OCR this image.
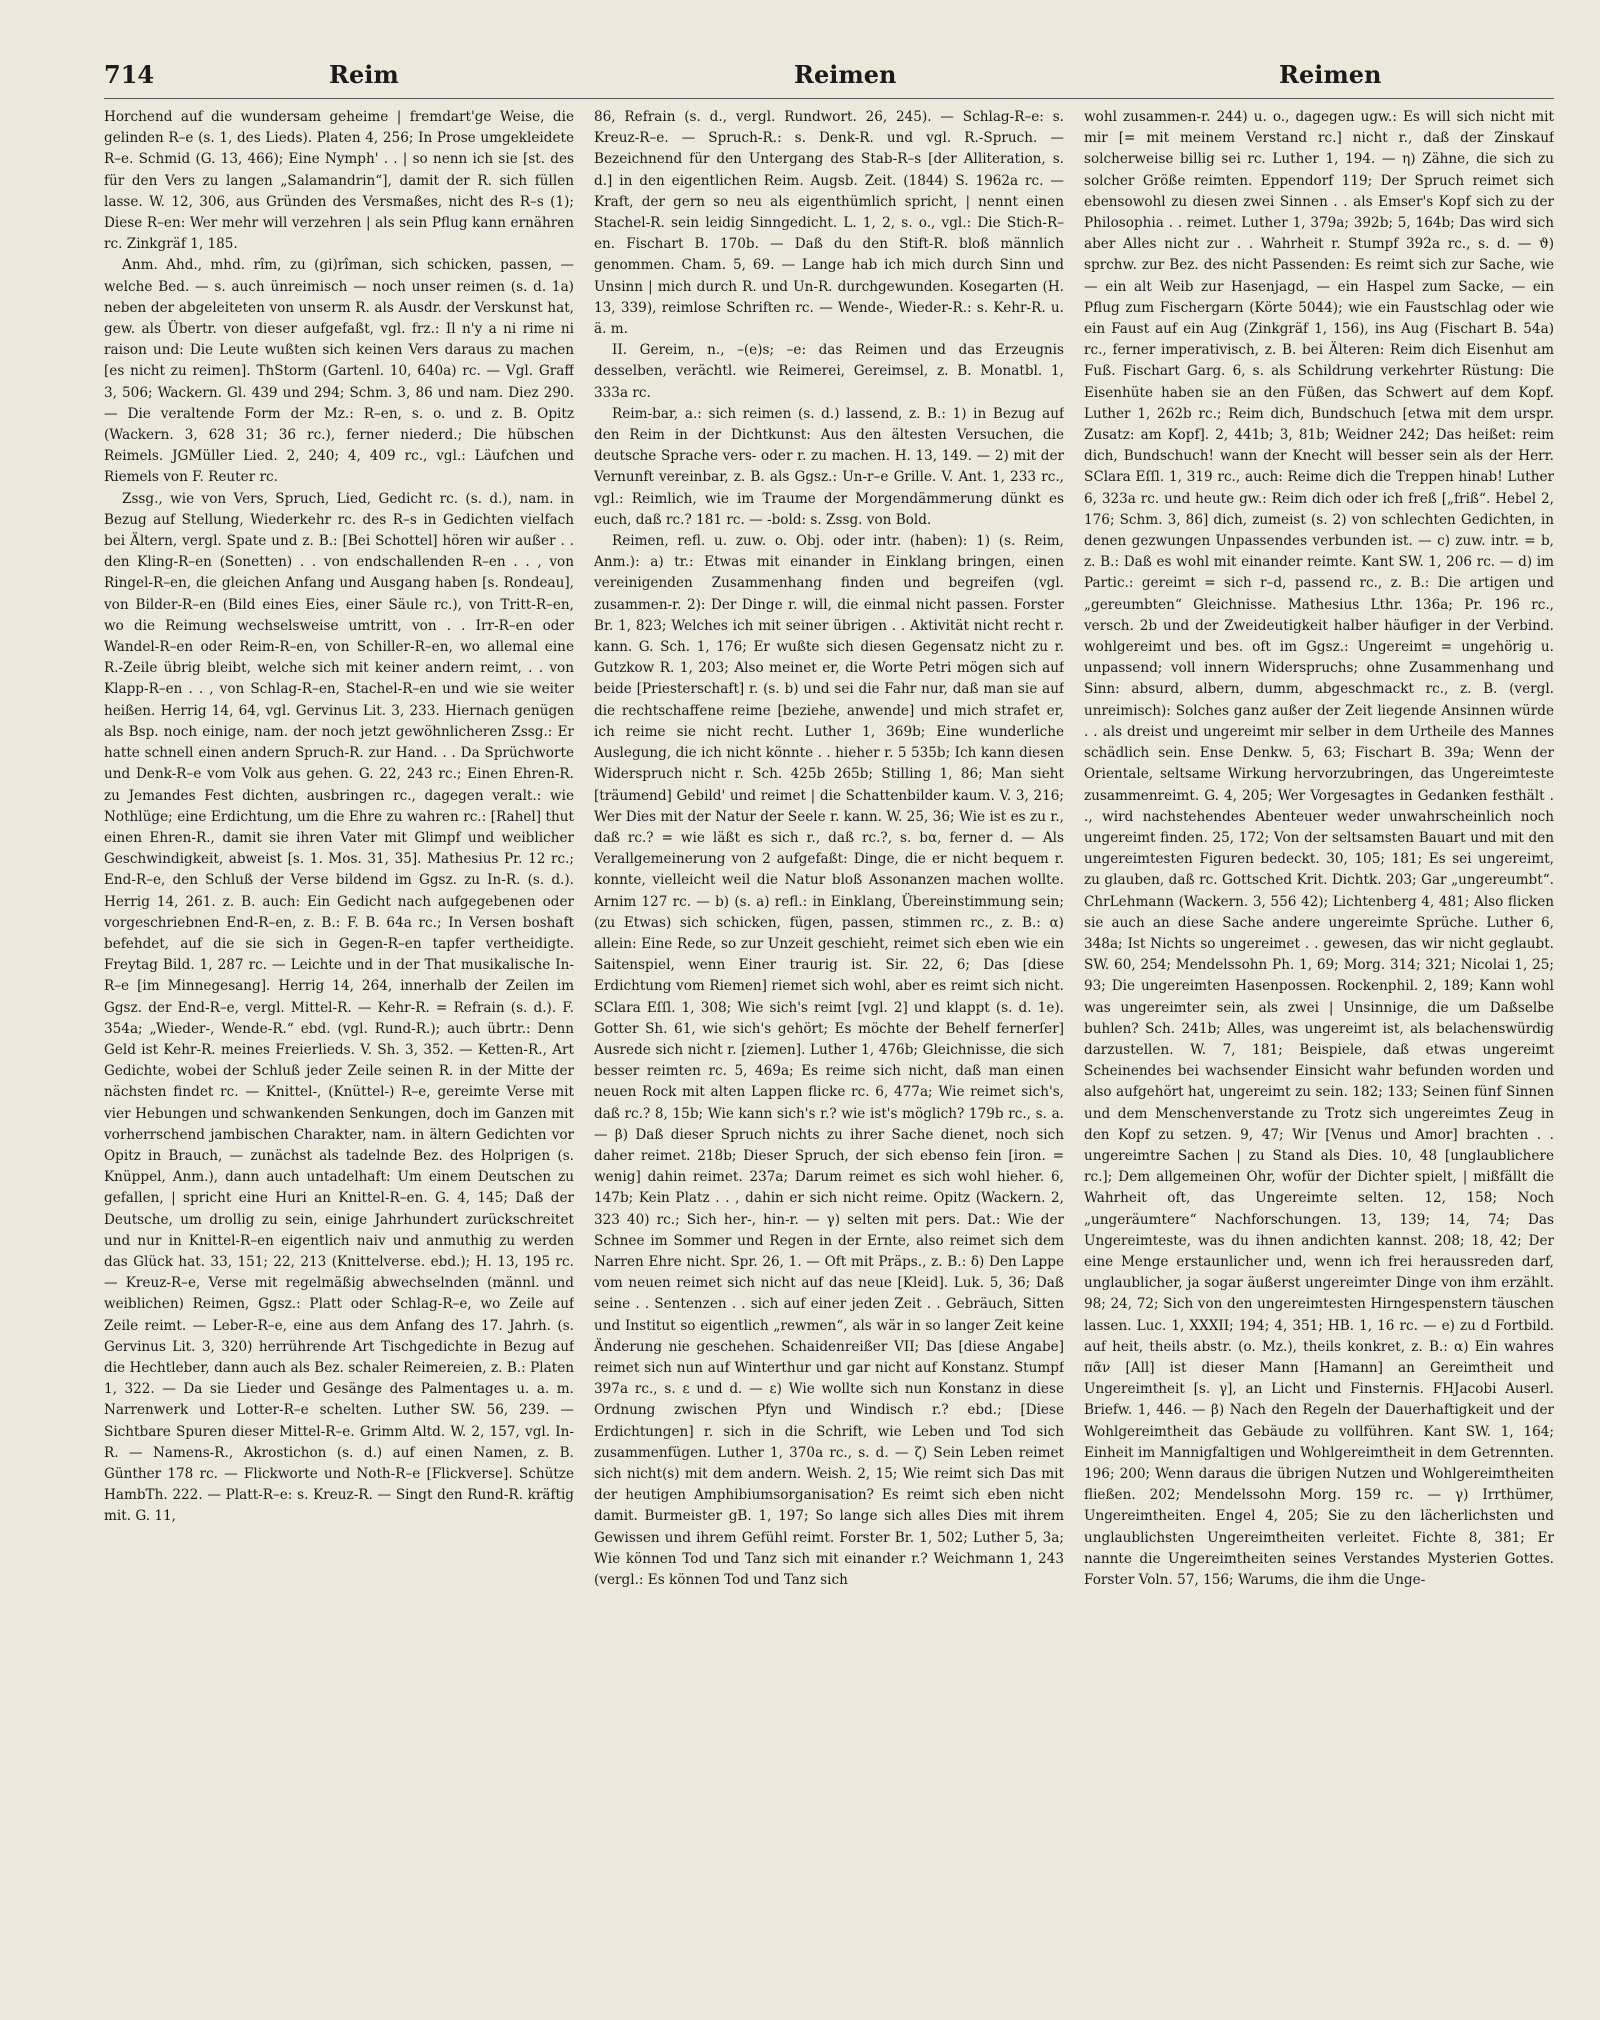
714	Reim	Reimen	Reimen

Horchend auf die wundersam geheime | fremdart'ge Weise, die gelinden R–e (s. 1, des Lieds). Platen 4, 256; In Prose umgekleidete R–e. Schmid (G. 13, 466); Eine Nymph' . . | so nenn ich sie [st. des für den Vers zu langen „Salamandrin“], damit der R. sich füllen lasse. W. 12, 306, aus Gründen des Versmaßes, nicht des R–s (1); Diese R–en: Wer mehr will verzehren | als sein Pflug kann ernähren rc. Zinkgräf 1, 185.

Anm. Ahd., mhd. rîm, zu (gi)rîman, sich schicken, passen, — welche Bed. — s. auch ünreimisch — noch unser reimen (s. d. 1a) neben der abgeleiteten von unserm R. als Ausdr. der Verskunst hat, gew. als Übertr. von dieser aufgefaßt, vgl. frz.: Il n'y a ni rime ni raison und: Die Leute wußten sich keinen Vers daraus zu machen [es nicht zu reimen]. ThStorm (Gartenl. 10, 640a) rc. — Vgl. Graff 3, 506; Wackern. Gl. 439 und 294; Schm. 3, 86 und nam. Diez 290. — Die veraltende Form der Mz.: R–en, s. o. und z. B. Opitz (Wackern. 3, 628 31; 36 rc.), ferner niederd.; Die hübschen Reimels. JGMüller Lied. 2, 240; 4, 409 rc., vgl.: Läufchen und Riemels von F. Reuter rc.

Zssg., wie von Vers, Spruch, Lied, Gedicht rc. (s. d.), nam. in Bezug auf Stellung, Wiederkehr rc. des R–s in Gedichten vielfach bei Ältern, vergl. Spate und z. B.: [Bei Schottel] hören wir außer . . den Kling-R–en (Sonetten) . . von endschallenden R–en . . , von Ringel-R–en, die gleichen Anfang und Ausgang haben [s. Rondeau], von Bilder-R–en (Bild eines Eies, einer Säule rc.), von Tritt-R–en, wo die Reimung wechselsweise umtritt, von . . Irr-R–en oder Wandel-R–en oder Reim-R–en, von Schiller-R–en, wo allemal eine R.-Zeile übrig bleibt, welche sich mit keiner andern reimt, . . von Klapp-R–en . . , von Schlag-R–en, Stachel-R–en und wie sie weiter heißen. Herrig 14, 64, vgl. Gervinus Lit. 3, 233. Hiernach genügen als Bsp. noch einige, nam. der noch jetzt gewöhnlicheren Zssg.: Er hatte schnell einen andern Spruch-R. zur Hand. . . Da Sprüchworte und Denk-R–e vom Volk aus gehen. G. 22, 243 rc.; Einen Ehren-R. zu Jemandes Fest dichten, ausbringen rc., dagegen veralt.: wie Nothlüge; eine Erdichtung, um die Ehre zu wahren rc.: [Rahel] thut einen Ehren-R., damit sie ihren Vater mit Glimpf und weiblicher Geschwindigkeit, abweist [s. 1. Mos. 31, 35]. Mathesius Pr. 12 rc.; End-R–e, den Schluß der Verse bildend im Ggsz. zu In-R. (s. d.). Herrig 14, 261. z. B. auch: Ein Gedicht nach aufgegebenen oder vorgeschriebnen End-R–en, z. B.: F. B. 64a rc.; In Versen boshaft befehdet, auf die sie sich in Gegen-R–en tapfer vertheidigte. Freytag Bild. 1, 287 rc. — Leichte und in der That musikalische In-R–e [im Minnegesang]. Herrig 14, 264, innerhalb der Zeilen im Ggsz. der End-R–e, vergl. Mittel-R. — Kehr-R. = Refrain (s. d.). F. 354a; „Wieder-, Wende-R.“ ebd. (vgl. Rund-R.); auch übrtr.: Denn Geld ist Kehr-R. meines Freierlieds. V. Sh. 3, 352. — Ketten-R., Art Gedichte, wobei der Schluß jeder Zeile seinen R. in der Mitte der nächsten findet rc. — Knittel-, (Knüttel-) R–e, gereimte Verse mit vier Hebungen und schwankenden Senkungen, doch im Ganzen mit vorherrschend jambischen Charakter, nam. in ältern Gedichten vor Opitz in Brauch, — zunächst als tadelnde Bez. des Holprigen (s. Knüppel, Anm.), dann auch untadelhaft: Um einem Deutschen zu gefallen, | spricht eine Huri an Knittel-R–en. G. 4, 145; Daß der Deutsche, um drollig zu sein, einige Jahrhundert zurückschreitet und nur in Knittel-R–en eigentlich naiv und anmuthig zu werden das Glück hat. 33, 151; 22, 213 (Knittelverse. ebd.); H. 13, 195 rc. — Kreuz-R–e, Verse mit regelmäßig abwechselnden (männl. und weiblichen) Reimen, Ggsz.: Platt oder Schlag-R–e, wo Zeile auf Zeile reimt. — Leber-R–e, eine aus dem Anfang des 17. Jahrh. (s. Gervinus Lit. 3, 320) herrührende Art Tischgedichte in Bezug auf die Hechtleber, dann auch als Bez. schaler Reimereien, z. B.: Platen 1, 322. — Da sie Lieder und Gesänge des Palmentages u. a. m. Narrenwerk und Lotter-R–e schelten. Luther SW. 56, 239. — Sichtbare Spuren dieser Mittel-R–e. Grimm Altd. W. 2, 157, vgl. In-R. — Namens-R., Akrostichon (s. d.) auf einen Namen, z. B. Günther 178 rc. — Flickworte und Noth-R–e [Flickverse]. Schütze HambTh. 222. — Platt-R–e: s. Kreuz-R. — Singt den Rund-R. kräftig mit. G. 11,

86, Refrain (s. d., vergl. Rundwort. 26, 245). — Schlag-R–e: s. Kreuz-R–e. — Spruch-R.: s. Denk-R. und vgl. R.-Spruch. — Bezeichnend für den Untergang des Stab-R–s [der Alliteration, s. d.] in den eigentlichen Reim. Augsb. Zeit. (1844) S. 1962a rc. — Kraft, der gern so neu als eigenthümlich spricht, | nennt einen Stachel-R. sein leidig Sinngedicht. L. 1, 2, s. o., vgl.: Die Stich-R–en. Fischart B. 170b. — Daß du den Stift-R. bloß männlich genommen. Cham. 5, 69. — Lange hab ich mich durch Sinn und Unsinn | mich durch R. und Un-R. durchgewunden. Kosegarten (H. 13, 339), reimlose Schriften rc. — Wende-, Wieder-R.: s. Kehr-R. u. ä. m.

II. Gereim, n., –(e)s; –e: das Reimen und das Erzeugnis desselben, verächtl. wie Reimerei, Gereimsel, z. B. Monatbl. 1, 333a rc.

Reim-bar, a.: sich reimen (s. d.) lassend, z. B.: 1) in Bezug auf den Reim in der Dichtkunst: Aus den ältesten Versuchen, die deutsche Sprache vers- oder r. zu machen. H. 13, 149. — 2) mit der Vernunft vereinbar, z. B. als Ggsz.: Un-r–e Grille. V. Ant. 1, 233 rc., vgl.: Reimlich, wie im Traume der Morgendämmerung dünkt es euch, daß rc.? 181 rc. — -bold: s. Zssg. von Bold.

Reimen, refl. u. zuw. o. Obj. oder intr. (haben): 1) (s. Reim, Anm.): a) tr.: Etwas mit einander in Einklang bringen, einen vereinigenden Zusammenhang finden und begreifen (vgl. zusammen-r. 2): Der Dinge r. will, die einmal nicht passen. Forster Br. 1, 823; Welches ich mit seiner übrigen . . Aktivität nicht recht r. kann. G. Sch. 1, 176; Er wußte sich diesen Gegensatz nicht zu r. Gutzkow R. 1, 203; Also meinet er, die Worte Petri mögen sich auf beide [Priesterschaft] r. (s. b) und sei die Fahr nur, daß man sie auf die rechtschaffene reime [beziehe, anwende] und mich strafet er, ich reime sie nicht recht. Luther 1, 369b; Eine wunderliche Auslegung, die ich nicht könnte . . hieher r. 5 535b; Ich kann diesen Widerspruch nicht r. Sch. 425b 265b; Stilling 1, 86; Man sieht [träumend] Gebild' und reimet | die Schattenbilder kaum. V. 3, 216; Wer Dies mit der Natur der Seele r. kann. W. 25, 36; Wie ist es zu r., daß rc.? = wie läßt es sich r., daß rc.?, s. bα, ferner d. — Als Verallgemeinerung von 2 aufgefaßt: Dinge, die er nicht bequem r. konnte, vielleicht weil die Natur bloß Assonanzen machen wollte. Arnim 127 rc. — b) (s. a) refl.: in Einklang, Übereinstimmung sein; (zu Etwas) sich schicken, fügen, passen, stimmen rc., z. B.: α) allein: Eine Rede, so zur Unzeit geschieht, reimet sich eben wie ein Saitenspiel, wenn Einer traurig ist. Sir. 22, 6; Das [diese Erdichtung vom Riemen] riemet sich wohl, aber es reimt sich nicht. SClara Eſſl. 1, 308; Wie sich's reimt [vgl. 2] und klappt (s. d. 1e). Gotter Sh. 61, wie sich's gehört; Es möchte der Behelf fernerſer] Ausrede sich nicht r. [ziemen]. Luther 1, 476b; Gleichnisse, die sich besser reimten rc. 5, 469a; Es reime sich nicht, daß man einen neuen Rock mit alten Lappen flicke rc. 6, 477a; Wie reimet sich's, daß rc.? 8, 15b; Wie kann sich's r.? wie ist's möglich? 179b rc., s. a. — β) Daß dieser Spruch nichts zu ihrer Sache dienet, noch sich daher reimet. 218b; Dieser Spruch, der sich ebenso fein [iron. = wenig] dahin reimet. 237a; Darum reimet es sich wohl hieher. 6, 147b; Kein Platz . . , dahin er sich nicht reime. Opitz (Wackern. 2, 323 40) rc.; Sich her-, hin-r. — γ) selten mit pers. Dat.: Wie der Schnee im Sommer und Regen in der Ernte, also reimet sich dem Narren Ehre nicht. Spr. 26, 1. — Oft mit Präps., z. B.: δ) Den Lappe vom neuen reimet sich nicht auf das neue [Kleid]. Luk. 5, 36; Daß seine . . Sentenzen . . sich auf einer jeden Zeit . . Gebräuch, Sitten und Institut so eigentlich „rewmen“, als wär in so langer Zeit keine Änderung nie geschehen. Schaidenreißer VII; Das [diese Angabe] reimet sich nun auf Winterthur und gar nicht auf Konstanz. Stumpf 397a rc., s. ε und d. — ε) Wie wollte sich nun Konstanz in diese Ordnung zwischen Pfyn und Windisch r.? ebd.; [Diese Erdichtungen] r. sich in die Schrift, wie Leben und Tod sich zusammenfügen. Luther 1, 370a rc., s. d. — ζ) Sein Leben reimet sich nicht(s) mit dem andern. Weish. 2, 15; Wie reimt sich Das mit der heutigen Amphibiumsorganisation? Es reimt sich eben nicht damit. Burmeister gB. 1, 197; So lange sich alles Dies mit ihrem Gewissen und ihrem Gefühl reimt. Forster Br. 1, 502; Luther 5, 3a; Wie können Tod und Tanz sich mit einander r.? Weichmann 1, 243 (vergl.: Es können Tod und Tanz sich

wohl zusammen-r. 244) u. o., dagegen ugw.: Es will sich nicht mit mir [= mit meinem Verstand rc.] nicht r., daß der Zinskauf solcherweise billig sei rc. Luther 1, 194. — η) Zähne, die sich zu solcher Größe reimten. Eppendorf 119; Der Spruch reimet sich ebensowohl zu diesen zwei Sinnen . . als Emser's Kopf sich zu der Philosophia . . reimet. Luther 1, 379a; 392b; 5, 164b; Das wird sich aber Alles nicht zur . . Wahrheit r. Stumpf 392a rc., s. d. — ϑ) sprchw. zur Bez. des nicht Passenden: Es reimt sich zur Sache, wie — ein alt Weib zur Hasenjagd, — ein Haspel zum Sacke, — ein Pflug zum Fischergarn (Körte 5044); wie ein Faustschlag oder wie ein Faust auf ein Aug (Zinkgräf 1, 156), ins Aug (Fischart B. 54a) rc., ferner imperativisch, z. B. bei Älteren: Reim dich Eisenhut am Fuß. Fischart Garg. 6, s. als Schildrung verkehrter Rüstung: Die Eisenhüte haben sie an den Füßen, das Schwert auf dem Kopf. Luther 1, 262b rc.; Reim dich, Bundschuch [etwa mit dem urspr. Zusatz: am Kopf]. 2, 441b; 3, 81b; Weidner 242; Das heißet: reim dich, Bundschuch! wann der Knecht will besser sein als der Herr. SClara Eſſl. 1, 319 rc., auch: Reime dich die Treppen hinab! Luther 6, 323a rc. und heute gw.: Reim dich oder ich freß [„friß“. Hebel 2, 176; Schm. 3, 86] dich, zumeist (s. 2) von schlechten Gedichten, in denen gezwungen Unpassendes verbunden ist. — c) zuw. intr. = b, z. B.: Daß es wohl mit einander reimte. Kant SW. 1, 206 rc. — d) im Partic.: gereimt = sich r–d, passend rc., z. B.: Die artigen und „gereumbten“ Gleichnisse. Mathesius Lthr. 136a; Pr. 196 rc., versch. 2b und der Zweideutigkeit halber häufiger in der Verbind. wohlgereimt und bes. oft im Ggsz.: Ungereimt = ungehörig u. unpassend; voll innern Widerspruchs; ohne Zusammenhang und Sinn: absurd, albern, dumm, abgeschmackt rc., z. B. (vergl. unreimisch): Solches ganz außer der Zeit liegende Ansinnen würde . . als dreist und ungereimt mir selber in dem Urtheile des Mannes schädlich sein. Ense Denkw. 5, 63; Fischart B. 39a; Wenn der Orientale, seltsame Wirkung hervorzubringen, das Ungereimteste zusammenreimt. G. 4, 205; Wer Vorgesagtes in Gedanken festhält . ., wird nachstehendes Abenteuer weder unwahrscheinlich noch ungereimt finden. 25, 172; Von der seltsamsten Bauart und mit den ungereimtesten Figuren bedeckt. 30, 105; 181; Es sei ungereimt, zu glauben, daß rc. Gottsched Krit. Dichtk. 203; Gar „ungereumbt“. ChrLehmann (Wackern. 3, 556 42); Lichtenberg 4, 481; Also flicken sie auch an diese Sache andere ungereimte Sprüche. Luther 6, 348a; Ist Nichts so ungereimet . . gewesen, das wir nicht geglaubt. SW. 60, 254; Mendelssohn Ph. 1, 69; Morg. 314; 321; Nicolai 1, 25; 93; Die ungereimten Hasenpossen. Rockenphil. 2, 189; Kann wohl was ungereimter sein, als zwei | Unsinnige, die um Daßselbe buhlen? Sch. 241b; Alles, was ungereimt ist, als belachenswürdig darzustellen. W. 7, 181; Beispiele, daß etwas ungereimt Scheinendes bei wachsender Einsicht wahr befunden worden und also aufgehört hat, ungereimt zu sein. 182; 133; Seinen fünf Sinnen und dem Menschenverstande zu Trotz sich ungereimtes Zeug in den Kopf zu setzen. 9, 47; Wir [Venus und Amor] brachten . . ungereimtre Sachen | zu Stand als Dies. 10, 48 [unglaublichere rc.]; Dem allgemeinen Ohr, wofür der Dichter spielt, | mißfällt die Wahrheit oft, das Ungereimte selten. 12, 158; Noch „ungeräumtere“ Nachforschungen. 13, 139; 14, 74; Das Ungereimteste, was du ihnen andichten kannst. 208; 18, 42; Der eine Menge erstaunlicher und, wenn ich frei heraussreden darf, unglaublicher, ja sogar äußerst ungereimter Dinge von ihm erzählt. 98; 24, 72; Sich von den ungereimtesten Hirngespenstern täuschen lassen. Luc. 1, XXXII; 194; 4, 351; HB. 1, 16 rc. — e) zu d Fortbild. auf heit, theils abstr. (o. Mz.), theils konkret, z. B.: α) Ein wahres πᾶν [All] ist dieser Mann [Hamann] an Gereimtheit und Ungereimtheit [s. γ], an Licht und Finsternis. FHJacobi Auserl. Briefw. 1, 446. — β) Nach den Regeln der Dauerhaftigkeit und der Wohlgereimtheit das Gebäude zu vollführen. Kant SW. 1, 164; Einheit im Mannigfaltigen und Wohlgereimtheit in dem Getrennten. 196; 200; Wenn daraus die übrigen Nutzen und Wohlgereimtheiten fließen. 202; Mendelssohn Morg. 159 rc. — γ) Irrthümer, Ungereimtheiten. Engel 4, 205; Sie zu den lächerlichsten und unglaublichsten Ungereimtheiten verleitet. Fichte 8, 381; Er nannte die Ungereimtheiten seines Verstandes Mysterien Gottes. Forster Voln. 57, 156; Warums, die ihm die Unge-
